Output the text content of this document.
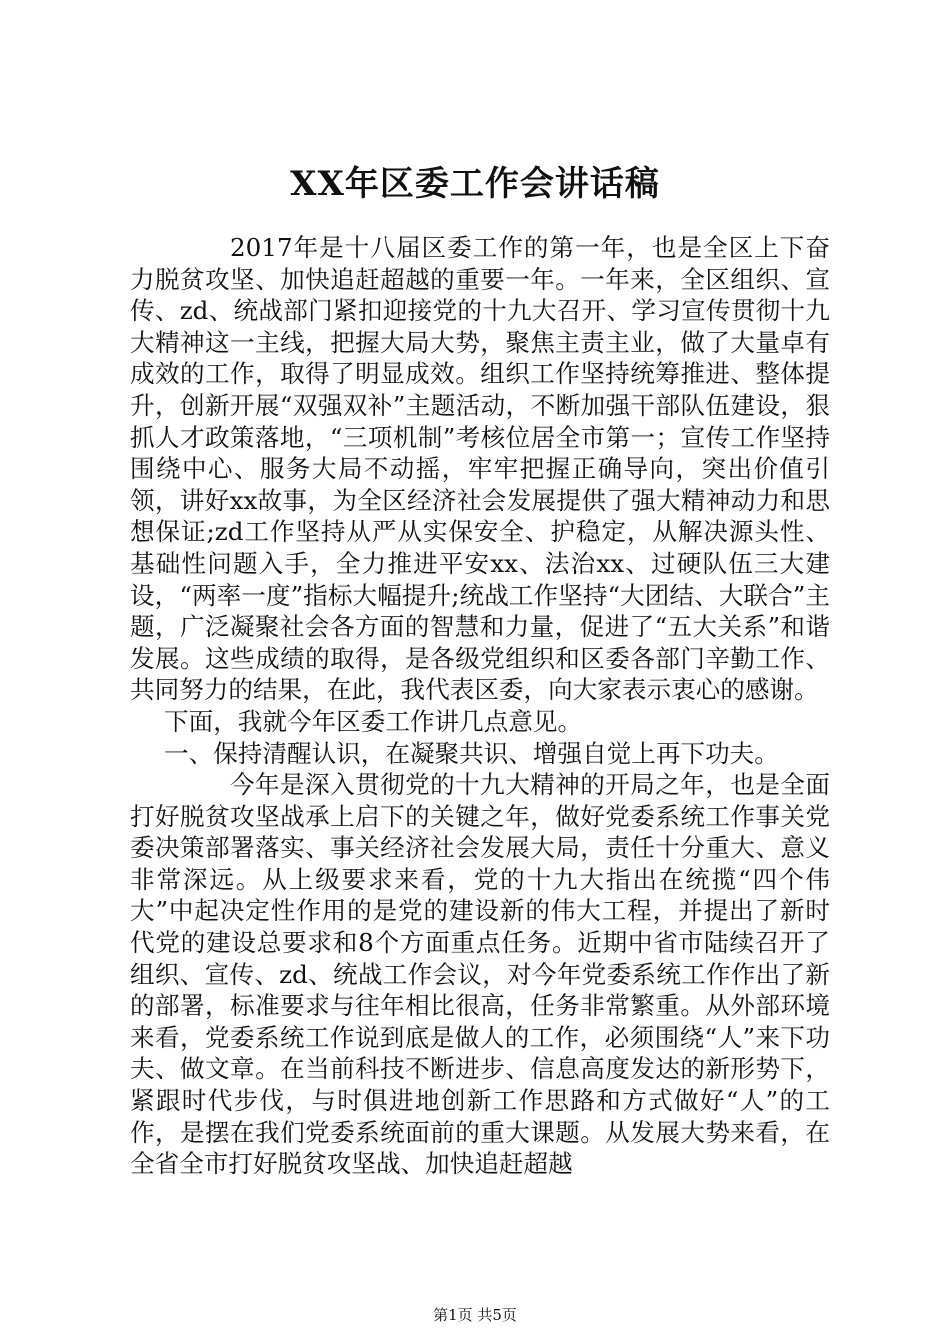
XX年区委工作会讲话稿

2017年是十八届区委工作的第一年，也是全区上下奋力脱贫攻坚、加快追赶超越的重要一年。一年来，全区组织、宣传、zd、统战部门紧扣迎接党的十九大召开、学习宣传贯彻十九大精神这一主线，把握大局大势，聚焦主责主业，做了大量卓有成效的工作，取得了明显成效。组织工作坚持统筹推进、整体提升，创新开展“双强双补”主题活动，不断加强干部队伍建设，狠抓人才政策落地，“三项机制”考核位居全市第一；宣传工作坚持围绕中心、服务大局不动摇，牢牢把握正确导向，突出价值引领，讲好xx故事，为全区经济社会发展提供了强大精神动力和思想保证;zd工作坚持从严从实保安全、护稳定，从解决源头性、基础性问题入手，全力推进平安xx、法治xx、过硬队伍三大建设，“两率一度”指标大幅提升;统战工作坚持“大团结、大联合”主题，广泛凝聚社会各方面的智慧和力量，促进了“五大关系”和谐发展。这些成绩的取得，是各级党组织和区委各部门辛勤工作、共同努力的结果，在此，我代表区委，向大家表示衷心的感谢。

下面，我就今年区委工作讲几点意见。

一、保持清醒认识，在凝聚共识、增强自觉上再下功夫。

今年是深入贯彻党的十九大精神的开局之年，也是全面打好脱贫攻坚战承上启下的关键之年，做好党委系统工作事关党委决策部署落实、事关经济社会发展大局，责任十分重大、意义非常深远。从上级要求来看，党的十九大指出在统揽“四个伟大”中起决定性作用的是党的建设新的伟大工程，并提出了新时代党的建设总要求和8个方面重点任务。近期中省市陆续召开了组织、宣传、zd、统战工作会议，对今年党委系统工作作出了新的部署，标准要求与往年相比很高，任务非常繁重。从外部环境来看，党委系统工作说到底是做人的工作，必须围绕“人”来下功夫、做文章。在当前科技不断进步、信息高度发达的新形势下，紧跟时代步伐，与时俱进地创新工作思路和方式做好“人”的工作，是摆在我们党委系统面前的重大课题。从发展大势来看，在全省全市打好脱贫攻坚战、加快追赶超越

第1页 共5页
